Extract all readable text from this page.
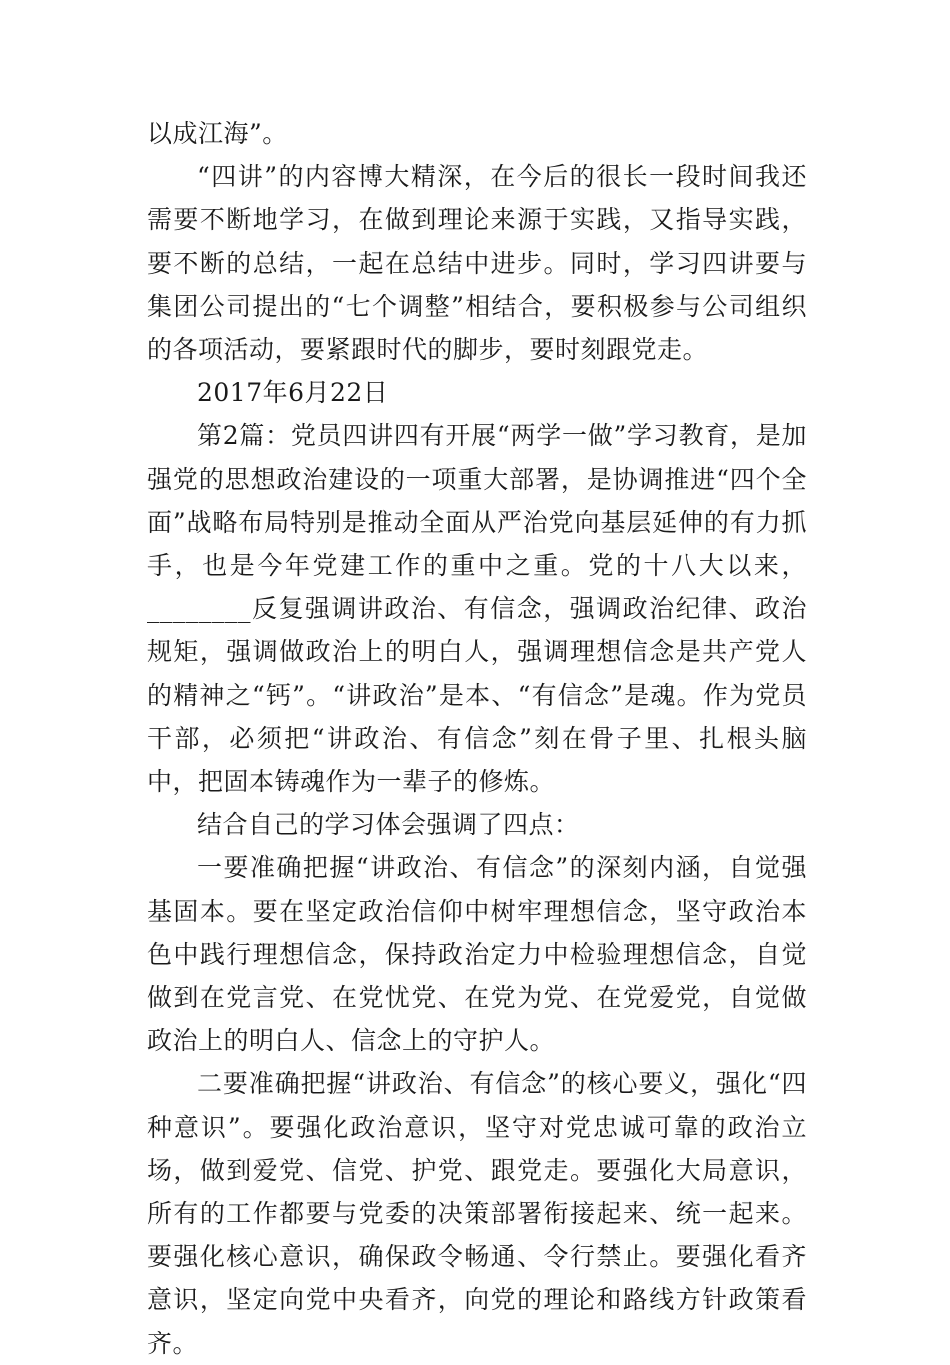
以成江海”。

“四讲”的内容博大精深，在今后的很长一段时间我还需要不断地学习，在做到理论来源于实践，又指导实践，要不断的总结，一起在总结中进步。同时，学习四讲要与集团公司提出的“七个调整”相结合，要积极参与公司组织的各项活动，要紧跟时代的脚步，要时刻跟党走。

2017年6月22日

第2篇：党员四讲四有开展“两学一做”学习教育，是加强党的思想政治建设的一项重大部署，是协调推进“四个全面”战略布局特别是推动全面从严治党向基层延伸的有力抓手，也是今年党建工作的重中之重。党的十八大以来，________反复强调讲政治、有信念，强调政治纪律、政治规矩，强调做政治上的明白人，强调理想信念是共产党人的精神之“钙”。“讲政治”是本、“有信念”是魂。作为党员干部，必须把“讲政治、有信念”刻在骨子里、扎根头脑中，把固本铸魂作为一辈子的修炼。

结合自己的学习体会强调了四点：

一要准确把握“讲政治、有信念”的深刻内涵，自觉强基固本。要在坚定政治信仰中树牢理想信念，坚守政治本色中践行理想信念，保持政治定力中检验理想信念，自觉做到在党言党、在党忧党、在党为党、在党爱党，自觉做政治上的明白人、信念上的守护人。

二要准确把握“讲政治、有信念”的核心要义，强化“四种意识”。要强化政治意识，坚守对党忠诚可靠的政治立场，做到爱党、信党、护党、跟党走。要强化大局意识，所有的工作都要与党委的决策部署衔接起来、统一起来。要强化核心意识，确保政令畅通、令行禁止。要强化看齐意识，坚定向党中央看齐，向党的理论和路线方针政策看齐。
